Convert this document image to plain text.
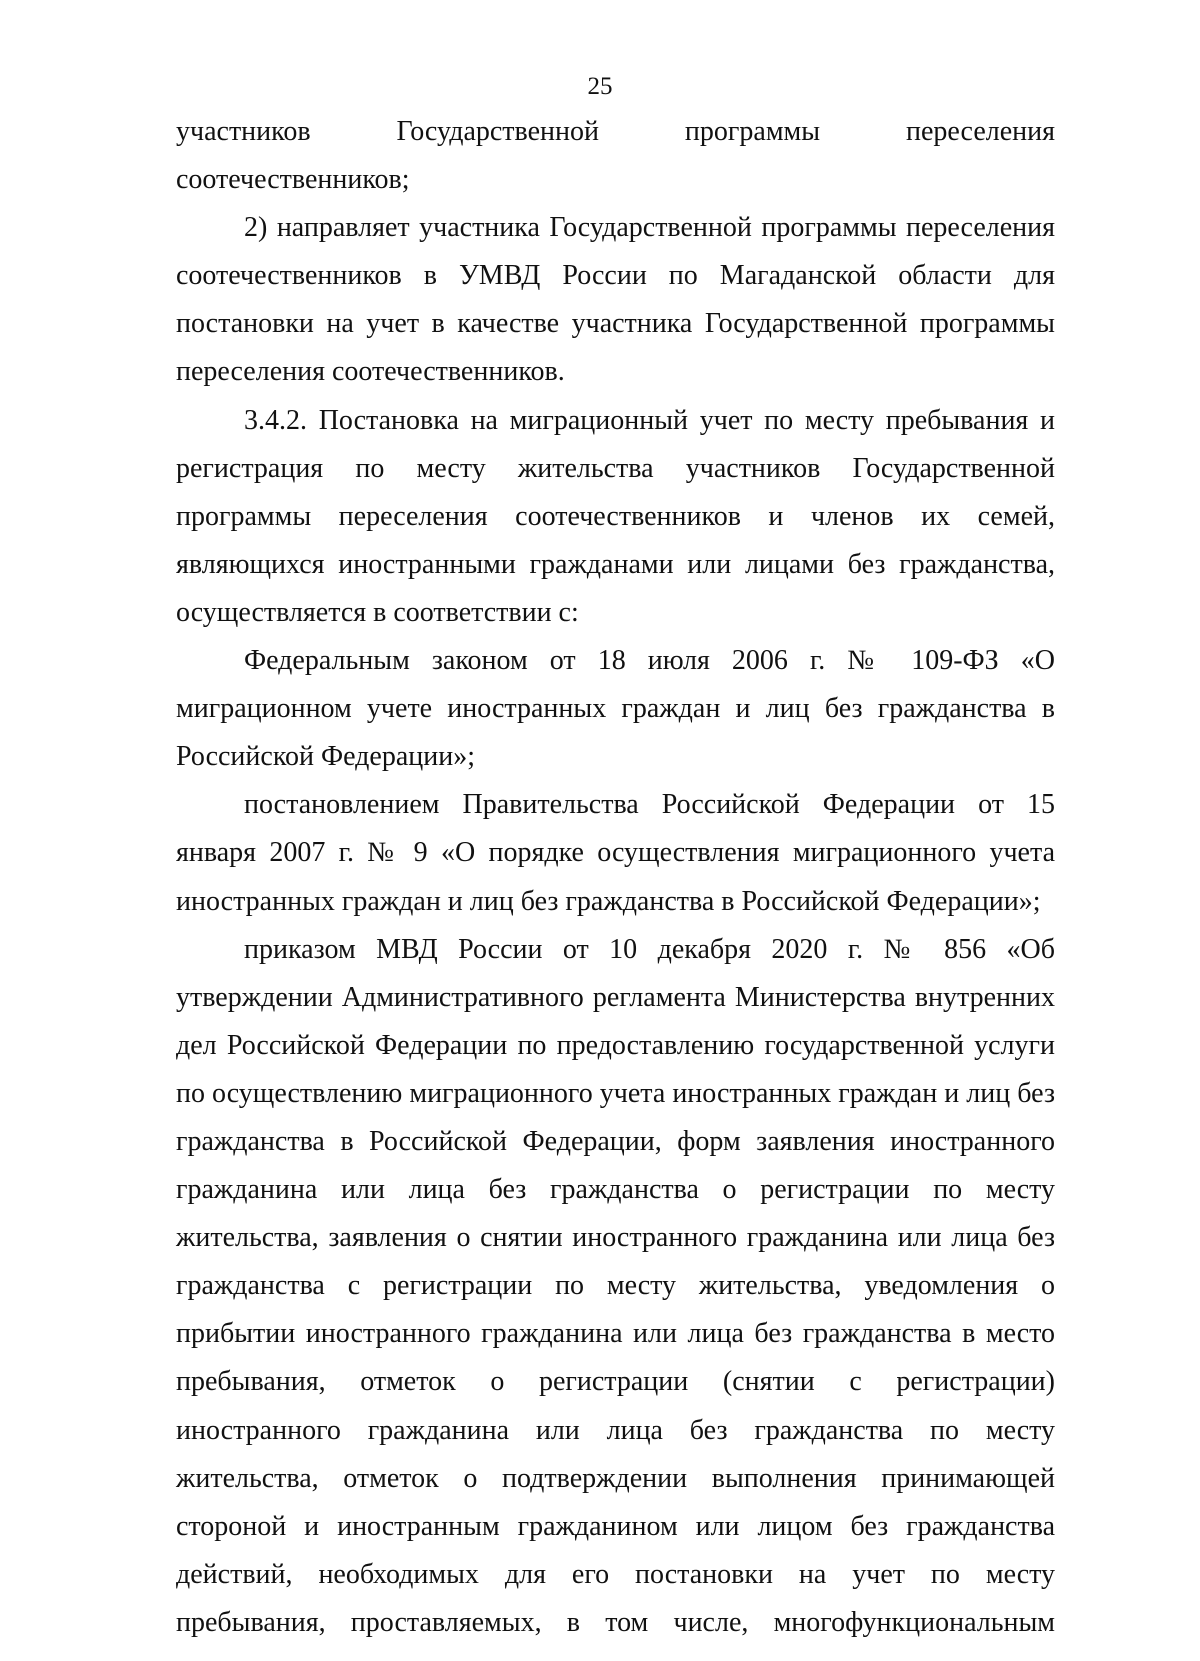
25

участников Государственной программы переселения соотечественников;

2) направляет участника Государственной программы переселения соотечественников в УМВД России по Магаданской области для постановки на учет в качестве участника Государственной программы переселения соотечественников.

3.4.2. Постановка на миграционный учет по месту пребывания и регистрация по месту жительства участников Государственной программы переселения соотечественников и членов их семей, являющихся иностранными гражданами или лицами без гражданства, осуществляется в соответствии с:

Федеральным законом от 18 июля 2006 г. № 109-ФЗ «О миграционном учете иностранных граждан и лиц без гражданства в Российской Федерации»;

постановлением Правительства Российской Федерации от 15 января 2007 г. № 9 «О порядке осуществления миграционного учета иностранных граждан и лиц без гражданства в Российской Федерации»;

приказом МВД России от 10 декабря 2020 г. № 856 «Об утверждении Административного регламента Министерства внутренних дел Российской Федерации по предоставлению государственной услуги по осуществлению миграционного учета иностранных граждан и лиц без гражданства в Российской Федерации, форм заявления иностранного гражданина или лица без гражданства о регистрации по месту жительства, заявления о снятии иностранного гражданина или лица без гражданства с регистрации по месту жительства, уведомления о прибытии иностранного гражданина или лица без гражданства в место пребывания, отметок о регистрации (снятии с регистрации) иностранного гражданина или лица без гражданства по месту жительства, отметок о подтверждении выполнения принимающей стороной и иностранным гражданином или лицом без гражданства действий, необходимых для его постановки на учет по месту пребывания, проставляемых, в том числе, многофункциональным
